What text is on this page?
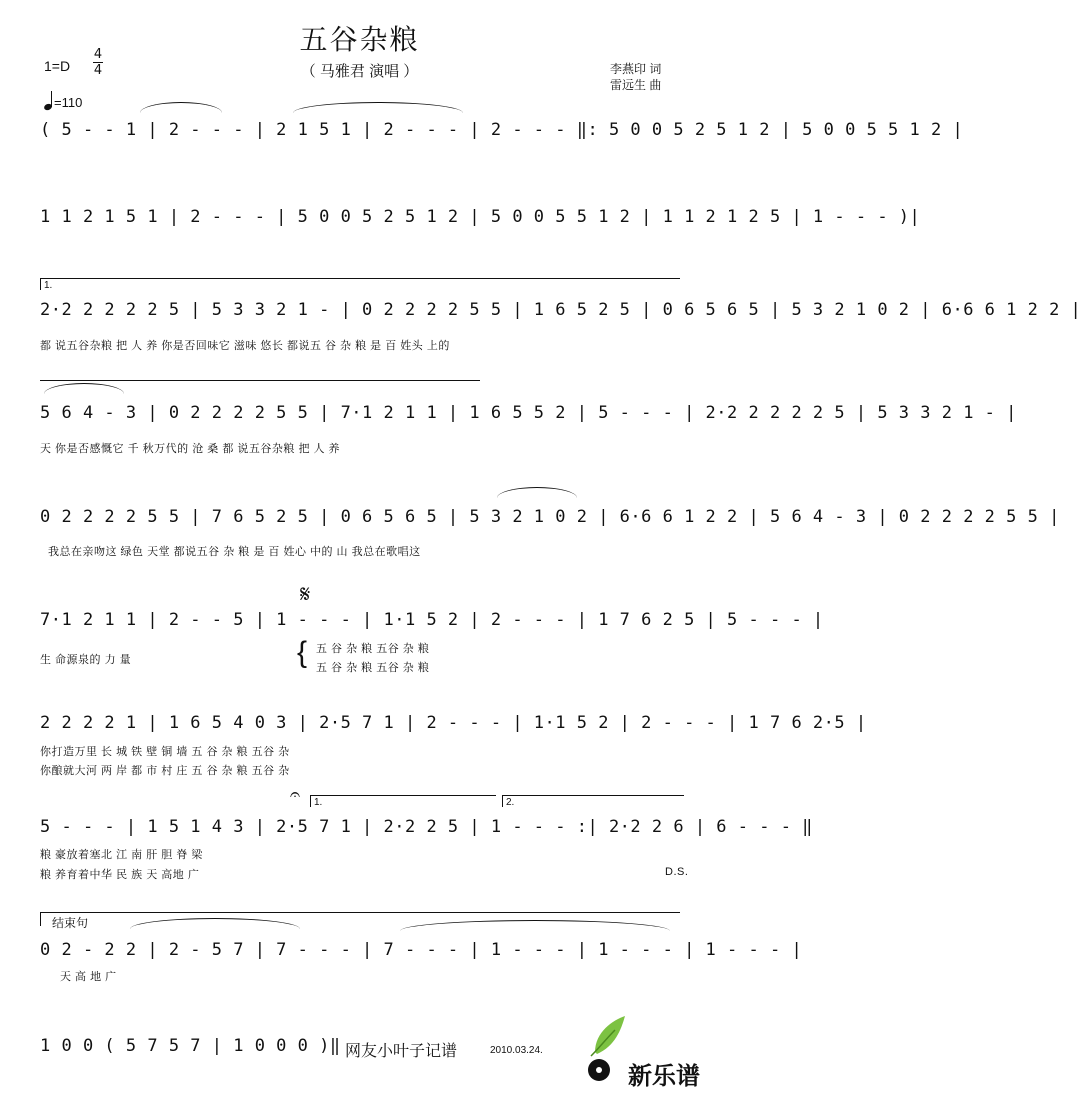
五谷杂粮
（ 马雅君 演唱 ）	李燕印 词
雷远生 曲
1=D
4
4
=110
( 5 - - 1 | 2 - - - | 2 1 5 1 | 2 - - - | 2 - - - ‖: 5 0 0 5 2 5 1 2 | 5 0 0 5 5 1 2 |
1 1 2 1 5 1 | 2 - - - | 5 0 0 5 2 5 1 2 | 5 0 0 5 5 1 2 | 1 1 2 1 2 5 | 1 - - - )|
1.
2·2 2 2 2 2 5 | 5 3 3 2 1 - | 0 2 2 2 2 5 5 | 1 6 5 2 5 | 0 6 5 6 5 | 5 3 2 1 0 2 | 6·6 6 1 2 2 |
都 说五谷杂粮 把 人 养 你是否回味它 滋味 悠长 都说五 谷 杂 粮 是 百 姓头 上的
5 6 4 - 3 | 0 2 2 2 2 5 5 | 7·1 2 1 1 | 1 6 5 5 2 | 5 - - - | 2·2 2 2 2 2 5 | 5 3 3 2 1 - |
天 你是否感慨它 千 秋万代的 沧 桑 都 说五谷杂粮 把 人 养
0 2 2 2 2 5 5 | 7 6 5 2 5 | 0 6 5 6 5 | 5 3 2 1 0 2 | 6·6 6 1 2 2 | 5 6 4 - 3 | 0 2 2 2 2 5 5 |
我总在亲吻这 绿色 天堂 都说五谷 杂 粮 是 百 姓心 中的 山 我总在歌唱这
𝄋
7·1 2 1 1 | 2 - - 5 | 1 - - - | 1·1 5 2 | 2 - - - | 1 7 6 2 5 | 5 - - - |
生 命源泉的 力 量	{ 五 谷 杂 粮 五谷 杂 粮
五 谷 杂 粮 五谷 杂 粮
2 2 2 2 1 | 1 6 5 4 0 3 | 2·5 7 1 | 2 - - - | 1·1 5 2 | 2 - - - | 1 7 6 2·5 |
你打造万里 长 城 铁 壁 铜 墙 五 谷 杂 粮 五谷 杂
你酿就大河 两 岸 都 市 村 庄 五 谷 杂 粮 五谷 杂
𝄐 1.	2.
5 - - - | 1 5 1 4 3 | 2·5 7 1 | 2·2 2 5 | 1 - - - :| 2·2 2 6 | 6 - - - ‖
粮 豪放着塞北 江 南 肝 胆 脊 梁
粮 养育着中华 民 族 天 高地 广	D.S.
结束句
0 2 - 2 2 | 2 - 5 7 | 7 - - - | 7 - - - | 1 - - - | 1 - - - | 1 - - - |
天 高 地 广
1 0 0 ( 5 7 5 7 | 1 0 0 0 )‖ 网友小叶子记谱	2010.03.24.
新乐谱
